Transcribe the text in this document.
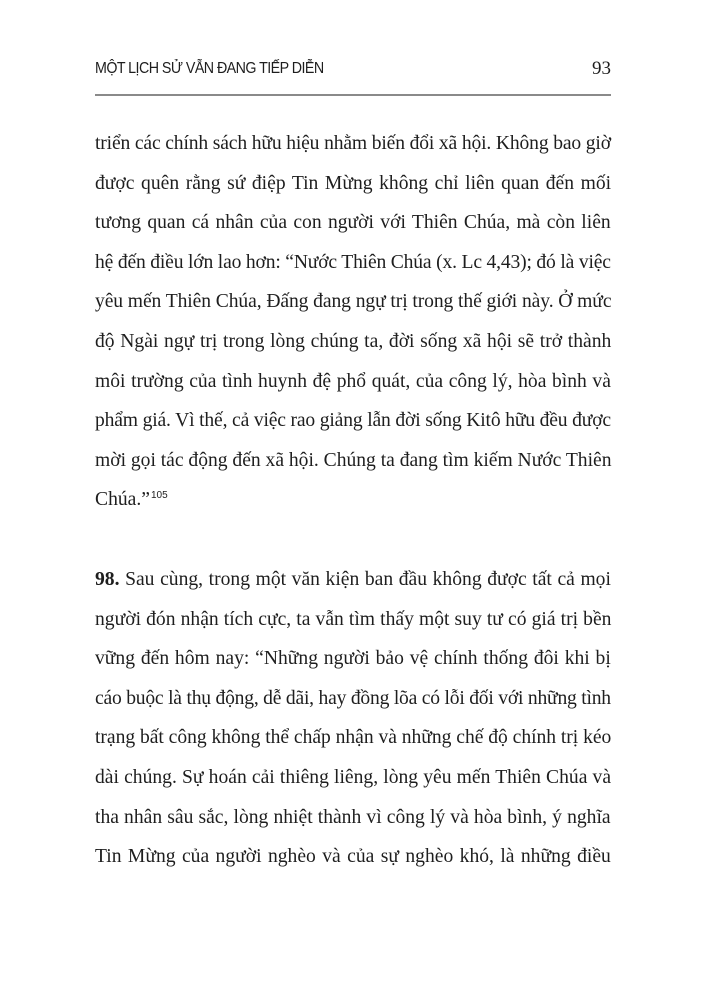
MỘT LỊCH SỬ VẪN ĐANG TIẾP DIỄN	93
triển các chính sách hữu hiệu nhằm biến đổi xã hội. Không bao giờ
được quên rằng sứ điệp Tin Mừng không chỉ liên quan đến mối
tương quan cá nhân của con người với Thiên Chúa, mà còn liên
hệ đến điều lớn lao hơn: “Nước Thiên Chúa (x. Lc 4,43); đó là việc
yêu mến Thiên Chúa, Đấng đang ngự trị trong thế giới này. Ở mức
độ Ngài ngự trị trong lòng chúng ta, đời sống xã hội sẽ trở thành
môi trường của tình huynh đệ phổ quát, của công lý, hòa bình và
phẩm giá. Vì thế, cả việc rao giảng lẫn đời sống Kitô hữu đều được
mời gọi tác động đến xã hội. Chúng ta đang tìm kiếm Nước Thiên
Chúa.”$^{105}$
98. Sau cùng, trong một văn kiện ban đầu không được tất cả mọi
người đón nhận tích cực, ta vẫn tìm thấy một suy tư có giá trị bền
vững đến hôm nay: “Những người bảo vệ chính thống đôi khi bị
cáo buộc là thụ động, dễ dãi, hay đồng lõa có lỗi đối với những tình
trạng bất công không thể chấp nhận và những chế độ chính trị kéo
dài chúng. Sự hoán cải thiêng liêng, lòng yêu mến Thiên Chúa và
tha nhân sâu sắc, lòng nhiệt thành vì công lý và hòa bình, ý nghĩa
Tin Mừng của người nghèo và của sự nghèo khó, là những điều
